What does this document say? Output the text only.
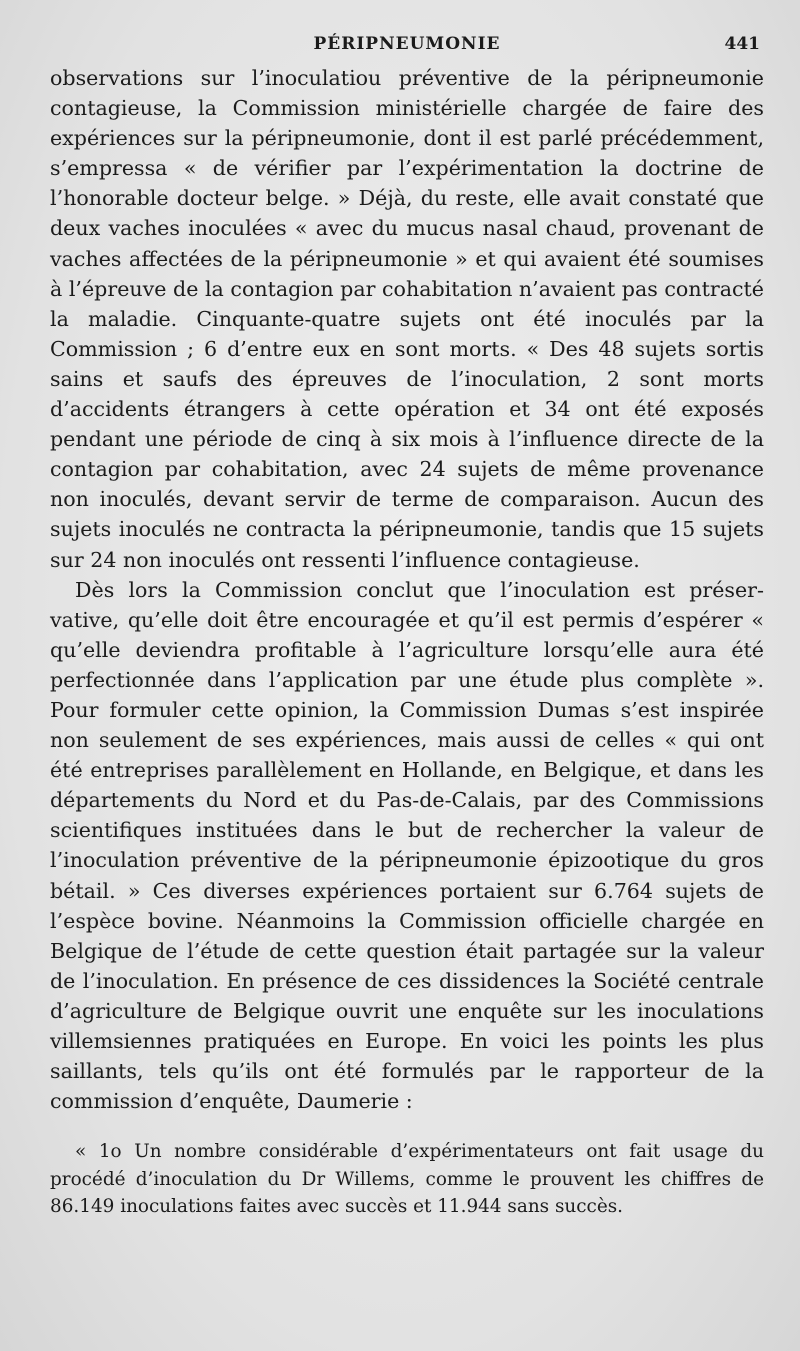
PÉRIPNEUMONIE	441

observations sur l’inoculatiou préventive de la péripneumonie contagieuse, la Commission ministérielle chargée de faire des expériences sur la péripneumonie, dont il est parlé précédemment, s’empressa « de vérifier par l’expérimentation la doctrine de l’honorable docteur belge. » Déjà, du reste, elle avait constaté que deux vaches inoculées « avec du mucus nasal chaud, provenant de vaches affectées de la péripneumonie » et qui avaient été soumises à l’épreuve de la contagion par cohabitation n’avaient pas contracté la maladie. Cinquante-quatre sujets ont été inoculés par la Commission ; 6 d’entre eux en sont morts. « Des 48 sujets sortis sains et saufs des épreuves de l’inoculation, 2 sont morts d’accidents étrangers à cette opération et 34 ont été exposés pendant une période de cinq à six mois à l’influence directe de la contagion par cohabitation, avec 24 sujets de même provenance non inoculés, devant servir de terme de comparaison. Aucun des sujets inoculés ne contracta la péripneumonie, tandis que 15 sujets sur 24 non inoculés ont ressenti l’influence contagieuse.

Dès lors la Commission conclut que l’inoculation est préservative, qu’elle doit être encouragée et qu’il est permis d’espérer « qu’elle deviendra profitable à l’agriculture lorsqu’elle aura été perfectionnée dans l’application par une étude plus complète ». Pour formuler cette opinion, la Commission Dumas s’est inspirée non seulement de ses expériences, mais aussi de celles « qui ont été entreprises parallèlement en Hollande, en Belgique, et dans les départements du Nord et du Pas-de-Calais, par des Commissions scientifiques instituées dans le but de rechercher la valeur de l’inoculation préventive de la péripneumonie épizootique du gros bétail. » Ces diverses expériences portaient sur 6.764 sujets de l’espèce bovine. Néanmoins la Commission officielle chargée en Belgique de l’étude de cette question était partagée sur la valeur de l’inoculation. En présence de ces dissidences la Société centrale d’agriculture de Belgique ouvrit une enquête sur les inoculations villemsiennes pratiquées en Europe. En voici les points les plus saillants, tels qu’ils ont été formulés par le rapporteur de la commission d’enquête, Daumerie :

« 1o Un nombre considérable d’expérimentateurs ont fait usage du procédé d’inoculation du Dr Willems, comme le prouvent les chiffres de 86.149 inoculations faites avec succès et 11.944 sans succès.
